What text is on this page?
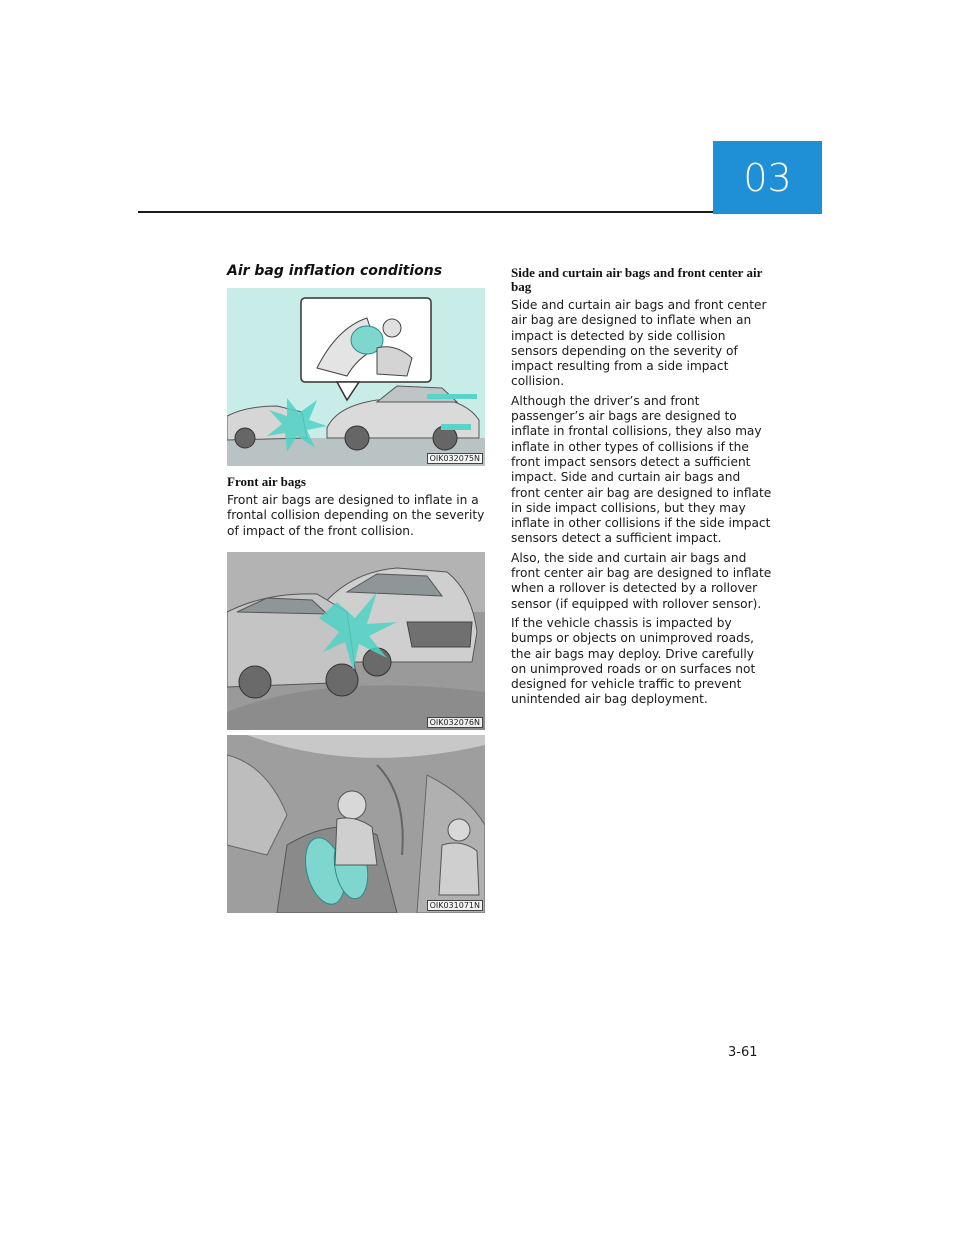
03
Air bag inflation conditions
OIK032075N
Front air bags

Front air bags are designed to inflate in a frontal collision depending on the severity of impact of the front collision.

OIK032076N
OIK031071N
Side and curtain air bags and front center air bag

Side and curtain air bags and front center air bag are designed to inflate when an impact is detected by side collision sensors depending on the severity of impact resulting from a side impact collision.

Although the driver’s and front passenger’s air bags are designed to inflate in frontal collisions, they also may inflate in other types of collisions if the front impact sensors detect a sufficient impact. Side and curtain air bags and front center air bag are designed to inflate in side impact collisions, but they may inflate in other collisions if the side impact sensors detect a sufficient impact.

Also, the side and curtain air bags and front center air bag are designed to inflate when a rollover is detected by a rollover sensor (if equipped with rollover sensor).

If the vehicle chassis is impacted by bumps or objects on unimproved roads, the air bags may deploy. Drive carefully on unimproved roads or on surfaces not designed for vehicle traffic to prevent unintended air bag deployment.

3-61
